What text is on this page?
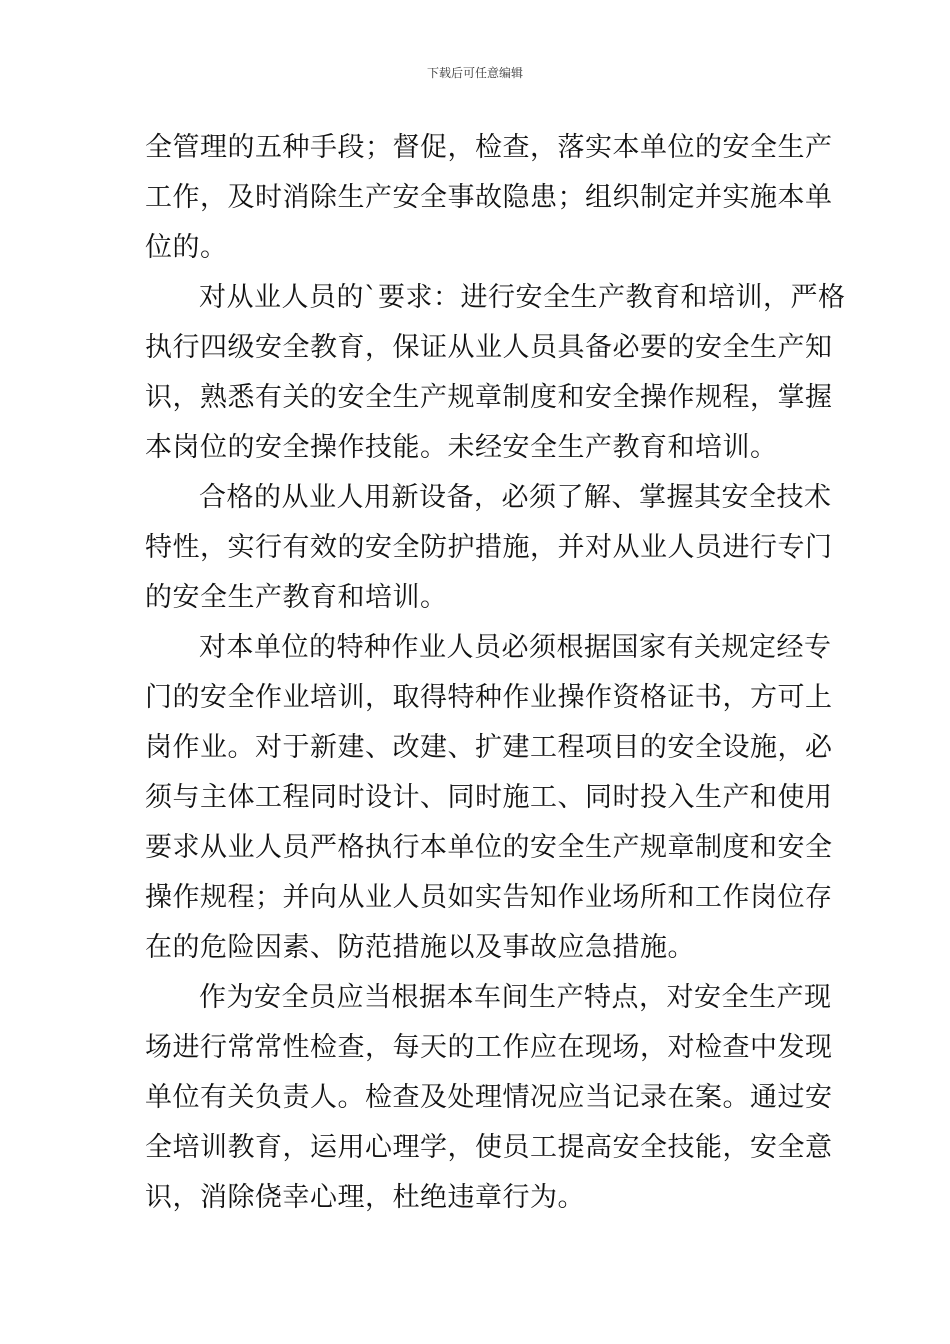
下载后可任意编辑
全管理的五种手段；督促，检查，落实本单位的安全生产
工作，及时消除生产安全事故隐患；组织制定并实施本单
位的。
对从业人员的`要求：进行安全生产教育和培训，严格
执行四级安全教育，保证从业人员具备必要的安全生产知
识，熟悉有关的安全生产规章制度和安全操作规程，掌握
本岗位的安全操作技能。未经安全生产教育和培训。
合格的从业人用新设备，必须了解、掌握其安全技术
特性，实行有效的安全防护措施，并对从业人员进行专门
的安全生产教育和培训。
对本单位的特种作业人员必须根据国家有关规定经专
门的安全作业培训，取得特种作业操作资格证书，方可上
岗作业。对于新建、改建、扩建工程项目的安全设施，必
须与主体工程同时设计、同时施工、同时投入生产和使用
要求从业人员严格执行本单位的安全生产规章制度和安全
操作规程；并向从业人员如实告知作业场所和工作岗位存
在的危险因素、防范措施以及事故应急措施。
作为安全员应当根据本车间生产特点，对安全生产现
场进行常常性检查，每天的工作应在现场，对检查中发现
单位有关负责人。检查及处理情况应当记录在案。通过安
全培训教育，运用心理学，使员工提高安全技能，安全意
识，消除侥幸心理，杜绝违章行为。
